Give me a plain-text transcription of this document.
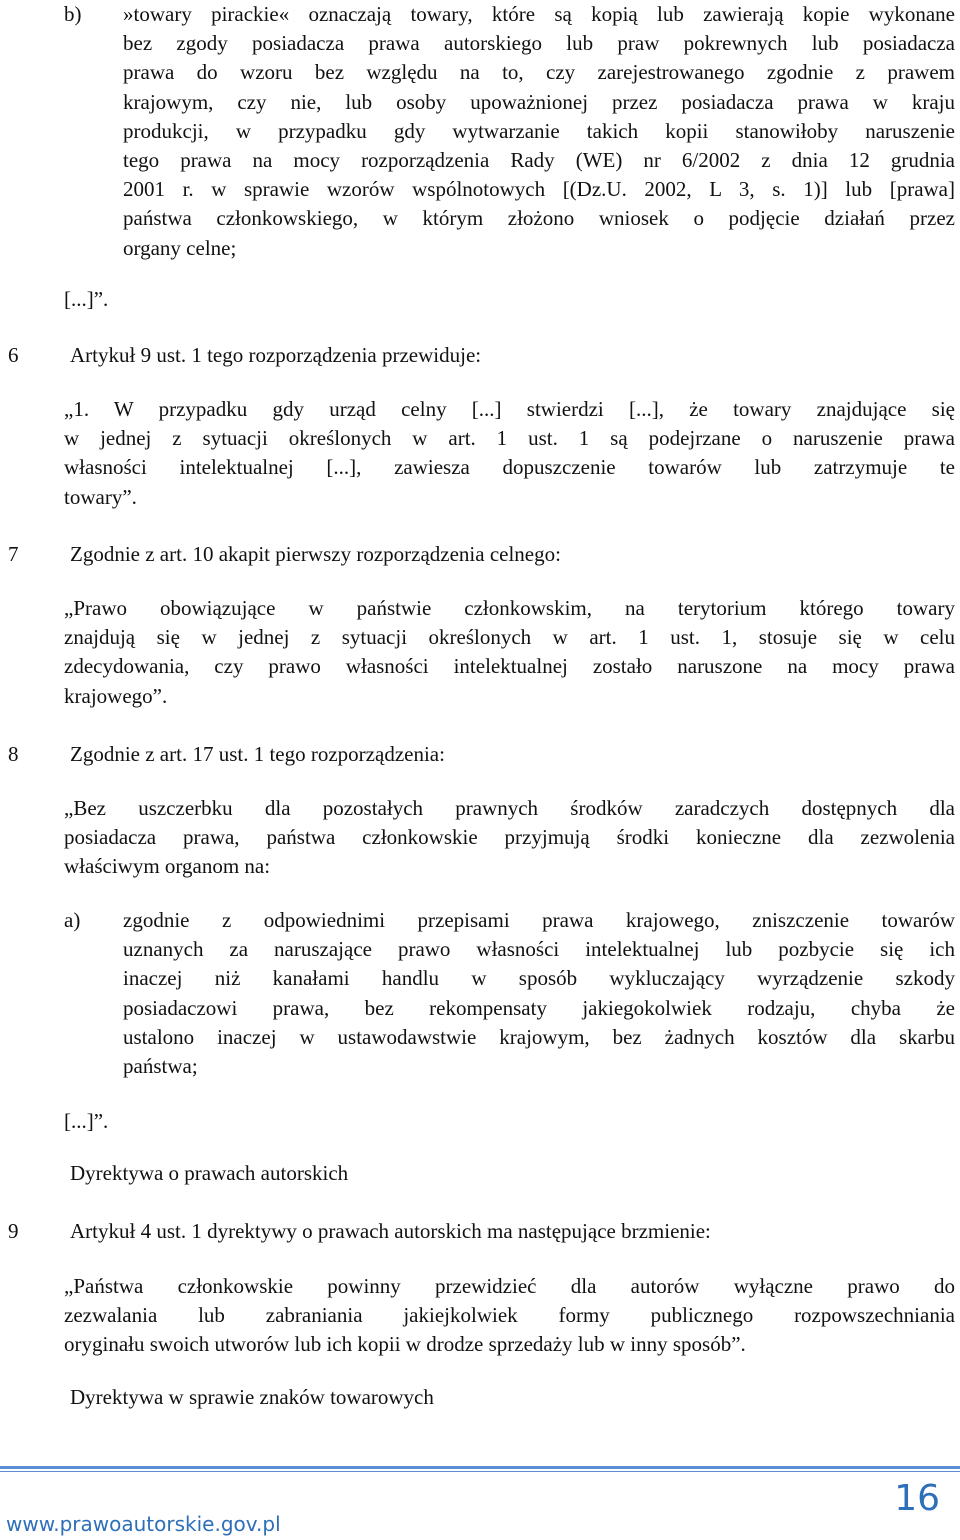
b) »towary pirackie« oznaczają towary, które są kopią lub zawierają kopie wykonane
bez zgody posiadacza prawa autorskiego lub praw pokrewnych lub posiadacza
prawa do wzoru bez względu na to, czy zarejestrowanego zgodnie z prawem
krajowym, czy nie, lub osoby upoważnionej przez posiadacza prawa w kraju
produkcji, w przypadku gdy wytwarzanie takich kopii stanowiłoby naruszenie
tego prawa na mocy rozporządzenia Rady (WE) nr 6/2002 z dnia 12 grudnia
2001 r. w sprawie wzorów wspólnotowych [(Dz.U. 2002, L 3, s. 1)] lub [prawa]
państwa członkowskiego, w którym złożono wniosek o podjęcie działań przez
organy celne;
[...]”.
6 Artykuł 9 ust. 1 tego rozporządzenia przewiduje:
„1. W przypadku gdy urząd celny [...] stwierdzi [...], że towary znajdujące się
w jednej z sytuacji określonych w art. 1 ust. 1 są podejrzane o naruszenie prawa
własności intelektualnej [...], zawiesza dopuszczenie towarów lub zatrzymuje te
towary”.
7 Zgodnie z art. 10 akapit pierwszy rozporządzenia celnego:
„Prawo obowiązujące w państwie członkowskim, na terytorium którego towary
znajdują się w jednej z sytuacji określonych w art. 1 ust. 1, stosuje się w celu
zdecydowania, czy prawo własności intelektualnej zostało naruszone na mocy prawa
krajowego”.
8 Zgodnie z art. 17 ust. 1 tego rozporządzenia:
„Bez uszczerbku dla pozostałych prawnych środków zaradczych dostępnych dla
posiadacza prawa, państwa członkowskie przyjmują środki konieczne dla zezwolenia
właściwym organom na:
a) zgodnie z odpowiednimi przepisami prawa krajowego, zniszczenie towarów
uznanych za naruszające prawo własności intelektualnej lub pozbycie się ich
inaczej niż kanałami handlu w sposób wykluczający wyrządzenie szkody
posiadaczowi prawa, bez rekompensaty jakiegokolwiek rodzaju, chyba że
ustalono inaczej w ustawodawstwie krajowym, bez żadnych kosztów dla skarbu
państwa;
[...]”.
Dyrektywa o prawach autorskich
9 Artykuł 4 ust. 1 dyrektywy o prawach autorskich ma następujące brzmienie:
„Państwa członkowskie powinny przewidzieć dla autorów wyłączne prawo do
zezwalania lub zabraniania jakiejkolwiek formy publicznego rozpowszechniania
oryginału swoich utworów lub ich kopii w drodze sprzedaży lub w inny sposób”.
Dyrektywa w sprawie znaków towarowych
16
www.prawoautorskie.gov.pl
